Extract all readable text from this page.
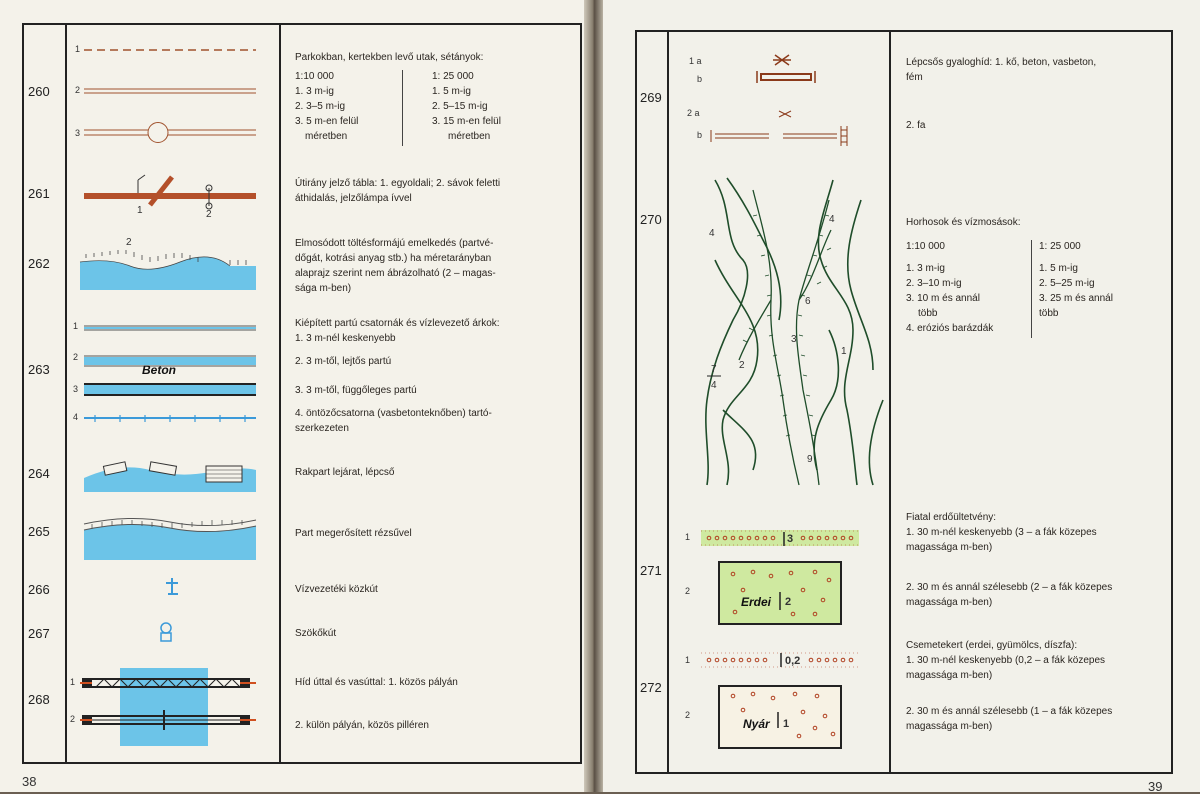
260
261
262
263
264
265
266
267
268
1
2
3
1	2
2
1
2
3
4
Beton
1
2
Parkokban, kertekben levő utak, sétányok:
1:10 000
1. 3 m-ig
2. 3–5 m-ig
3. 5 m-en felül
méretben
1: 25 000
1. 5 m-ig
2. 5–15 m-ig
3. 15 m-en felül
méretben
Útirány jelző tábla: 1. egyoldali; 2. sávok feletti
áthidalás, jelzőlámpa ívvel
Elmosódott töltésformájú emelkedés (partvé-
dőgát, kotrási anyag stb.) ha méretarányban
alaprajz szerint nem ábrázolható (2 – magas-
sága m-ben)
Kiépített partú csatornák és vízlevezető árkok:
1. 3 m-nél keskenyebb
2. 3 m-től, lejtős partú
3. 3 m-től, függőleges partú
4. öntözőcsatorna (vasbetonteknőben) tartó-
szerkezeten
Rakpart lejárat, lépcső
Part megerősített rézsűvel
Vízvezetéki közkút
Szökőkút
Híd úttal és vasúttal: 1. közös pályán
2. külön pályán, közös pilléren
38
269
270
271
272
1 a
b
2 a
b
4
4
6
3
1
7
4
2
9
1
2
3
Erdei 2
1
2
0,2
Nyár 1
Lépcsős gyaloghíd: 1. kő, beton, vasbeton,
fém
2. fa
Horhosok és vízmosások:
1:10 000
1. 3 m-ig
2. 3–10 m-ig
3. 10 m és annál
több
4. eróziós barázdák
1: 25 000
1. 5 m-ig
2. 5–25 m-ig
3. 25 m és annál
több
Fiatal erdőültetvény:
1. 30 m-nél keskenyebb (3 – a fák közepes
magassága m-ben)
2. 30 m és annál szélesebb (2 – a fák közepes
magassága m-ben)
Csemetekert (erdei, gyümölcs, díszfa):
1. 30 m-nél keskenyebb (0,2 – a fák közepes
magassága m-ben)
2. 30 m és annál szélesebb (1 – a fák közepes
magassága m-ben)
39
